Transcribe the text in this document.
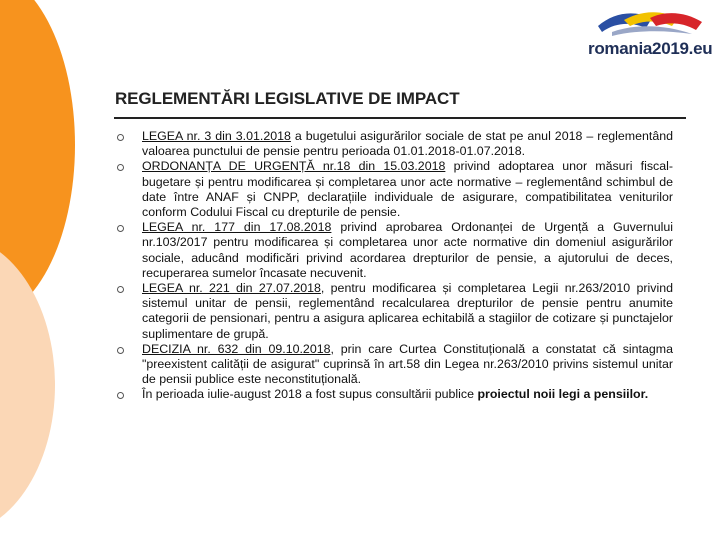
romania2019.eu
REGLEMENTĂRI LEGISLATIVE DE IMPACT

LEGEA nr. 3 din 3.01.2018 a bugetului asigurărilor sociale de stat pe anul 2018 – reglementând valoarea punctului de pensie pentru perioada 01.01.2018-01.07.2018.

ORDONANȚA DE URGENȚĂ nr.18 din 15.03.2018 privind adoptarea unor măsuri fiscal-bugetare și pentru modificarea și completarea unor acte normative – reglementând schimbul de date între ANAF și CNPP, declarațiile individuale de asigurare, compatibilitatea veniturilor conform Codului Fiscal cu drepturile de pensie.

LEGEA nr. 177 din 17.08.2018 privind aprobarea Ordonanței de Urgență a Guvernului nr.103/2017 pentru modificarea și completarea unor acte normative din domeniul asigurărilor sociale, aducând modificări privind acordarea drepturilor de pensie, a ajutorului de deces, recuperarea sumelor încasate necuvenit.

LEGEA nr. 221 din 27.07.2018, pentru modificarea și completarea Legii nr.263/2010 privind sistemul unitar de pensii, reglementând recalcularea drepturilor de pensie pentru anumite categorii de pensionari, pentru a asigura aplicarea echitabilă a stagiilor de cotizare și punctajelor suplimentare de grupă.

DECIZIA nr. 632 din 09.10.2018, prin care Curtea Constituțională a constatat că sintagma "preexistent calității de asigurat" cuprinsă în art.58 din Legea nr.263/2010 privins sistemul unitar de pensii publice este neconstituțională.

În perioada iulie-august 2018 a fost supus consultării publice proiectul noii legi a pensiilor.
